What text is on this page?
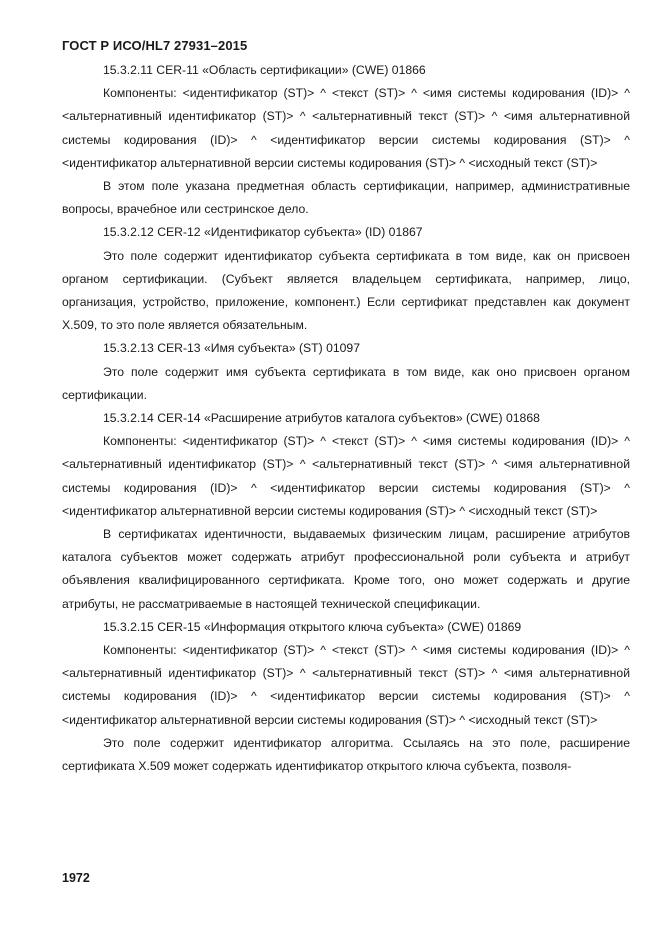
ГОСТ Р ИСО/HL7 27931–2015

15.3.2.11 CER-11 «Область сертификации» (CWE) 01866

Компоненты: <идентификатор (ST)> ^ <текст (ST)> ^ <имя системы кодирования (ID)> ^ <альтернативный идентификатор (ST)> ^ <альтернативный текст (ST)> ^ <имя альтернативной системы кодирования (ID)> ^ <идентификатор версии системы кодирования (ST)> ^ <идентификатор альтернативной версии системы кодирования (ST)> ^ <исходный текст (ST)>

В этом поле указана предметная область сертификации, например, административные вопросы, врачебное или сестринское дело.

15.3.2.12 CER-12 «Идентификатор субъекта» (ID) 01867

Это поле содержит идентификатор субъекта сертификата в том виде, как он присвоен органом сертификации. (Субъект является владельцем сертификата, например, лицо, организация, устройство, приложение, компонент.) Если сертификат представлен как документ X.509, то это поле является обязательным.

15.3.2.13 CER-13 «Имя субъекта» (ST) 01097

Это поле содержит имя субъекта сертификата в том виде, как оно присвоен органом сертификации.

15.3.2.14 CER-14 «Расширение атрибутов каталога субъектов» (CWE) 01868

Компоненты: <идентификатор (ST)> ^ <текст (ST)> ^ <имя системы кодирования (ID)> ^ <альтернативный идентификатор (ST)> ^ <альтернативный текст (ST)> ^ <имя альтернативной системы кодирования (ID)> ^ <идентификатор версии системы кодирования (ST)> ^ <идентификатор альтернативной версии системы кодирования (ST)> ^ <исходный текст (ST)>

В сертификатах идентичности, выдаваемых физическим лицам, расширение атрибутов каталога субъектов может содержать атрибут профессиональной роли субъекта и атрибут объявления квалифицированного сертификата. Кроме того, оно может содержать и другие атрибуты, не рассматриваемые в настоящей технической спецификации.

15.3.2.15 CER-15 «Информация открытого ключа субъекта» (CWE) 01869

Компоненты: <идентификатор (ST)> ^ <текст (ST)> ^ <имя системы кодирования (ID)> ^ <альтернативный идентификатор (ST)> ^ <альтернативный текст (ST)> ^ <имя альтернативной системы кодирования (ID)> ^ <идентификатор версии системы кодирования (ST)> ^ <идентификатор альтернативной версии системы кодирования (ST)> ^ <исходный текст (ST)>

Это поле содержит идентификатор алгоритма. Ссылаясь на это поле, расширение сертификата X.509 может содержать идентификатор открытого ключа субъекта, позволя-

1972
